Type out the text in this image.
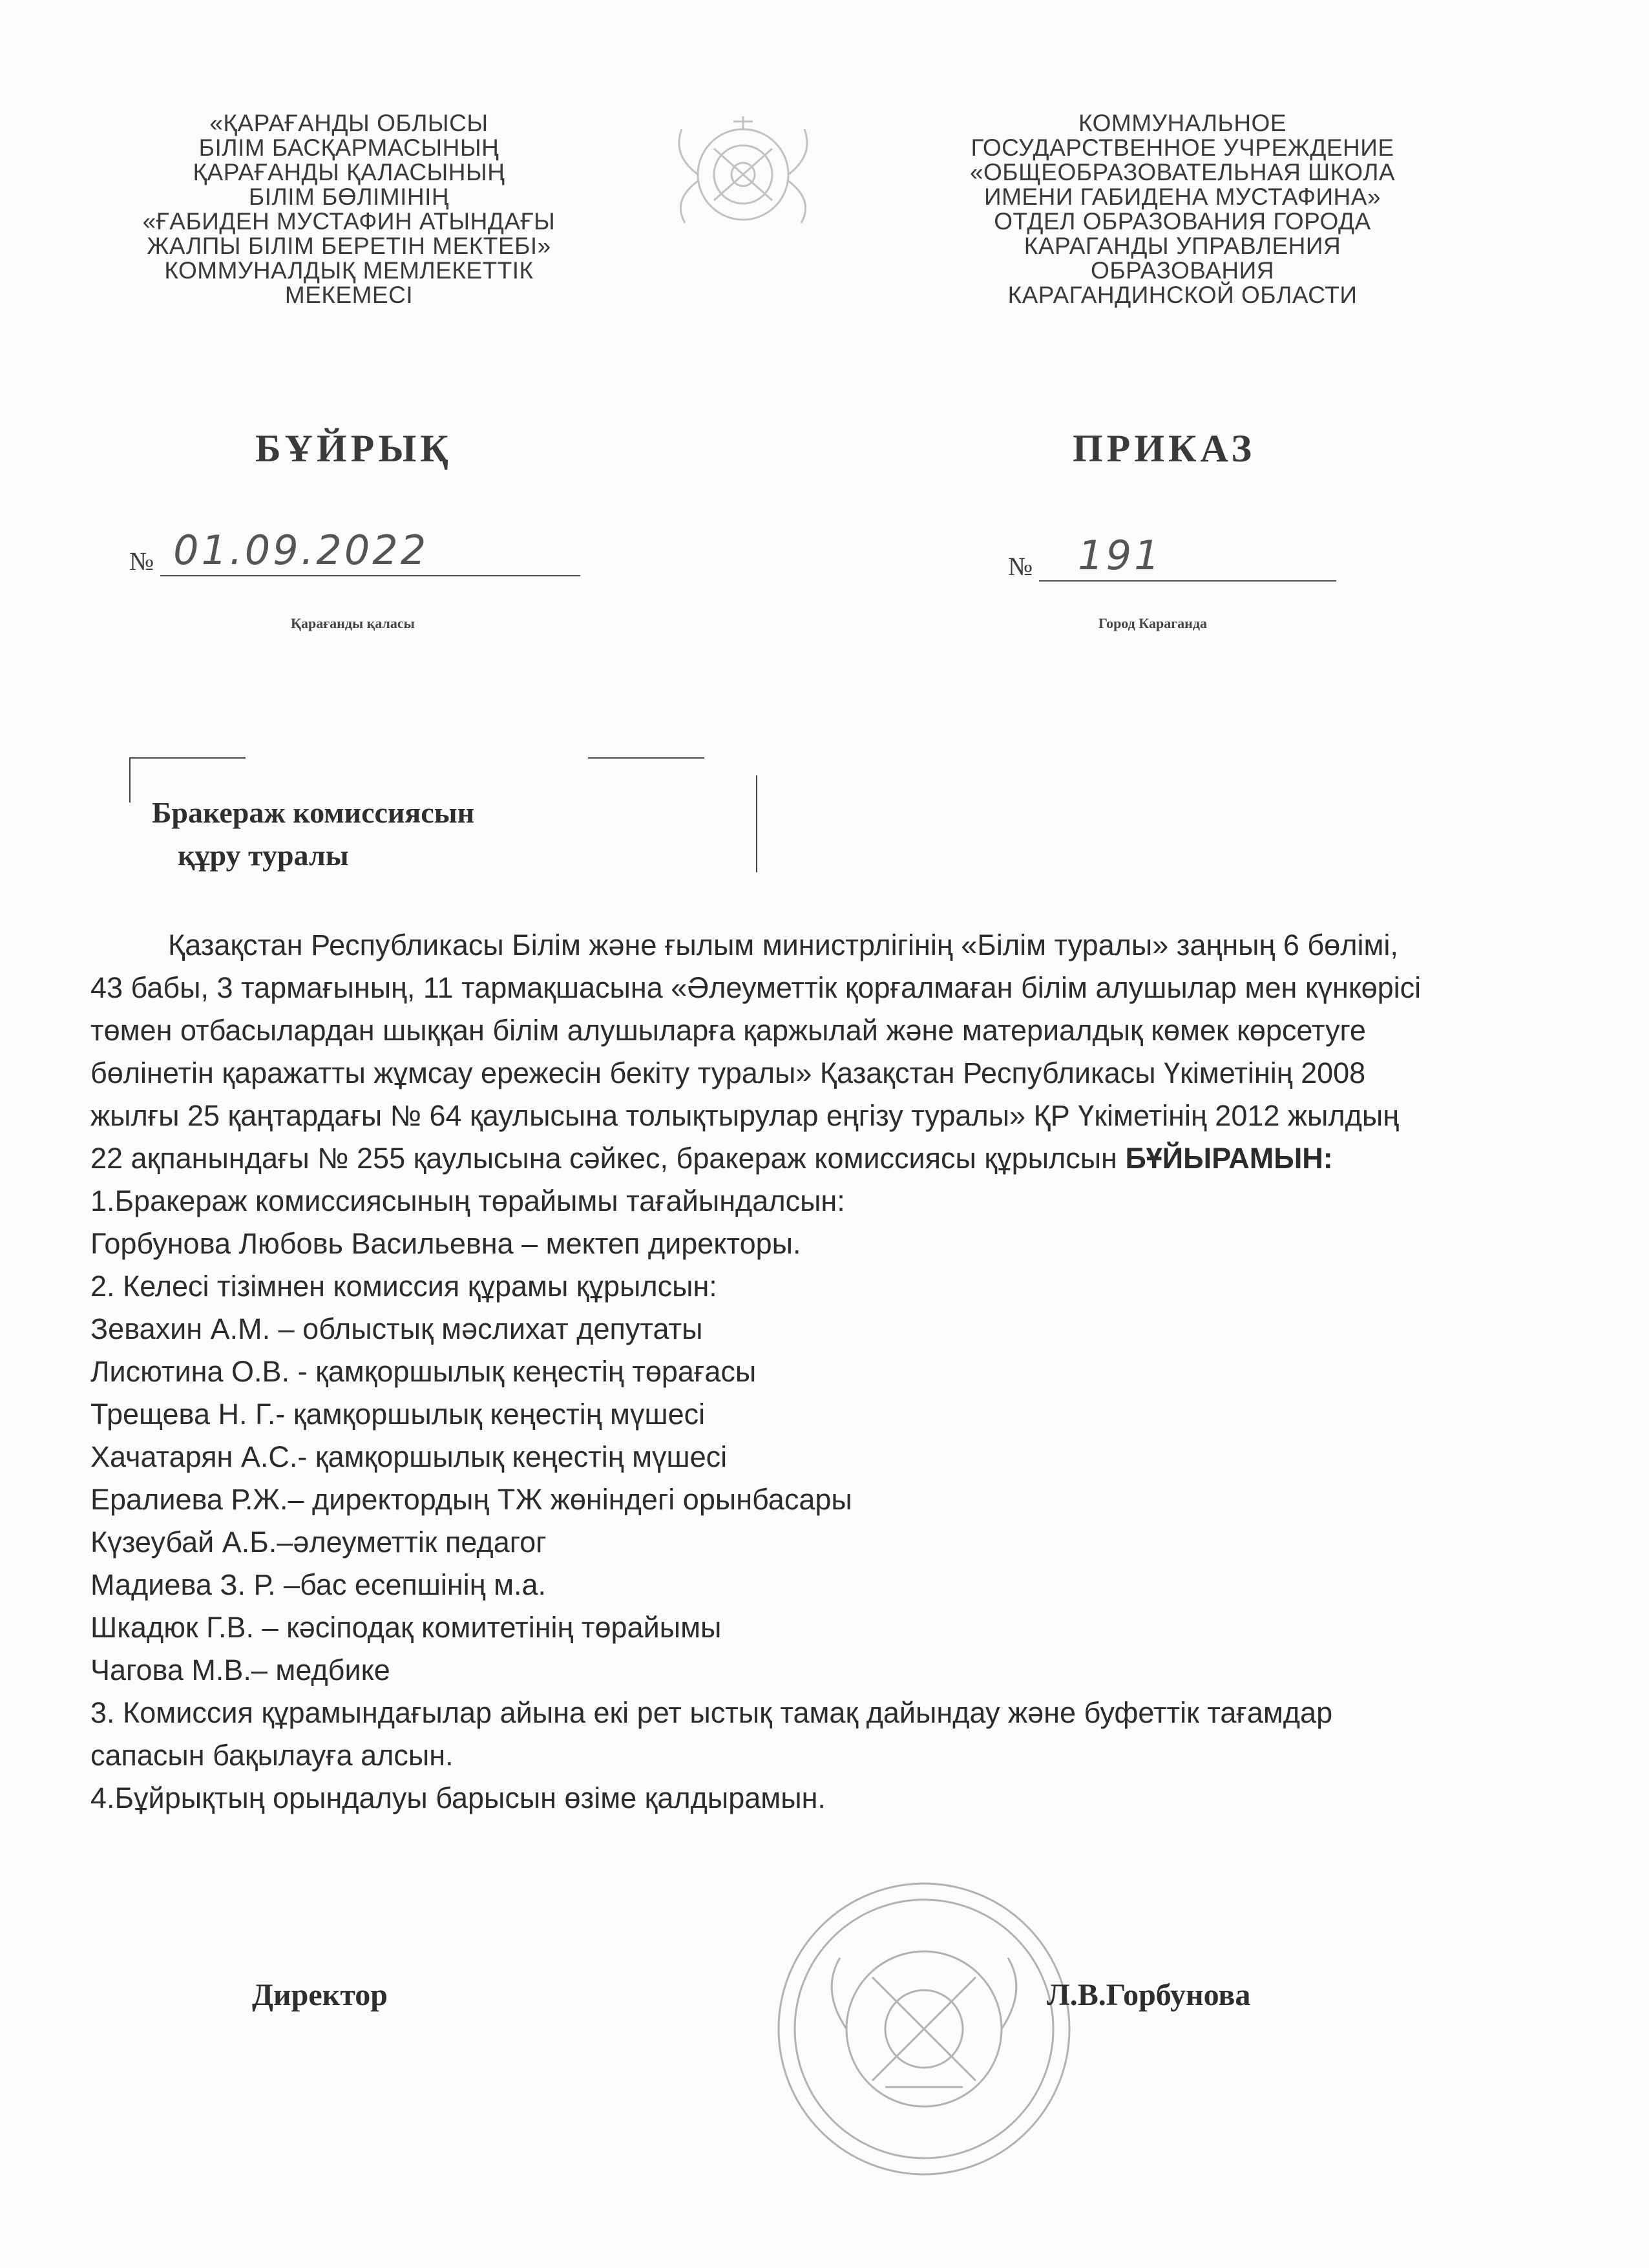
«ҚАРАҒАНДЫ ОБЛЫСЫ
БІЛІМ БАСҚАРМАСЫНЫҢ
ҚАРАҒАНДЫ ҚАЛАСЫНЫҢ
БІЛІМ БӨЛІМІНІҢ
«ҒАБИДЕН МУСТАФИН АТЫНДАҒЫ
ЖАЛПЫ БІЛІМ БЕРЕТІН МЕКТЕБІ»
КОММУНАЛДЫҚ МЕМЛЕКЕТТІК
МЕКЕМЕСІ
КОММУНАЛЬНОЕ
ГОСУДАРСТВЕННОЕ УЧРЕЖДЕНИЕ
«ОБЩЕОБРАЗОВАТЕЛЬНАЯ ШКОЛА
ИМЕНИ ГАБИДЕНА МУСТАФИНА»
ОТДЕЛ ОБРАЗОВАНИЯ ГОРОДА
КАРАГАНДЫ УПРАВЛЕНИЯ
ОБРАЗОВАНИЯ
КАРАГАНДИНСКОЙ ОБЛАСТИ
БҰЙРЫҚ	ПРИКАЗ
№ 01.09.2022	№ 191
Қарағанды қаласы	Город Караганда
Бракераж комиссиясын
құру туралы

Қазақстан Республикасы Білім және ғылым министрлігінің «Білім туралы» заңның 6 бөлімі, 43 бабы, 3 тармағының, 11 тармақшасына «Әлеуметтік қорғалмаған білім алушылар мен күнкөрісі төмен отбасылардан шыққан білім алушыларға қаржылай және материалдық көмек көрсетуге бөлінетін қаражатты жұмсау ережесін бекіту туралы» Қазақстан Республикасы Үкіметінің 2008 жылғы 25 қаңтардағы № 64 қаулысына толықтырулар еңгізу туралы» ҚР Үкіметінің 2012 жылдың 22 ақпанындағы № 255 қаулысына сәйкес, бракераж комиссиясы құрылсын БҰЙЫРАМЫН:

1.Бракераж комиссиясының төрайымы тағайындалсын:

Горбунова Любовь Васильевна – мектеп директоры.

2. Келесі тізімнен комиссия құрамы құрылсын:

Зевахин А.М. – облыстық мәслихат депутаты

Лисютина О.В. - қамқоршылық кеңестің төрағасы

Трещева Н. Г.- қамқоршылық кеңестің мүшесі

Хачатарян А.С.- қамқоршылық кеңестің мүшесі

Ералиева Р.Ж.– директордың ТЖ жөніндегі орынбасары

Күзеубай А.Б.–әлеуметтік педагог

Мадиева З. Р. –бас есепшінің м.а.

Шкадюк Г.В. – кәсіподақ комитетінің төрайымы

Чагова М.В.– медбике

3. Комиссия құрамындағылар айына екі рет ыстық тамақ дайындау және буфеттік тағамдар сапасын бақылауға алсын.

4.Бұйрықтың орындалуы барысын өзіме қалдырамын.

Директор	Л.В.Горбунова
